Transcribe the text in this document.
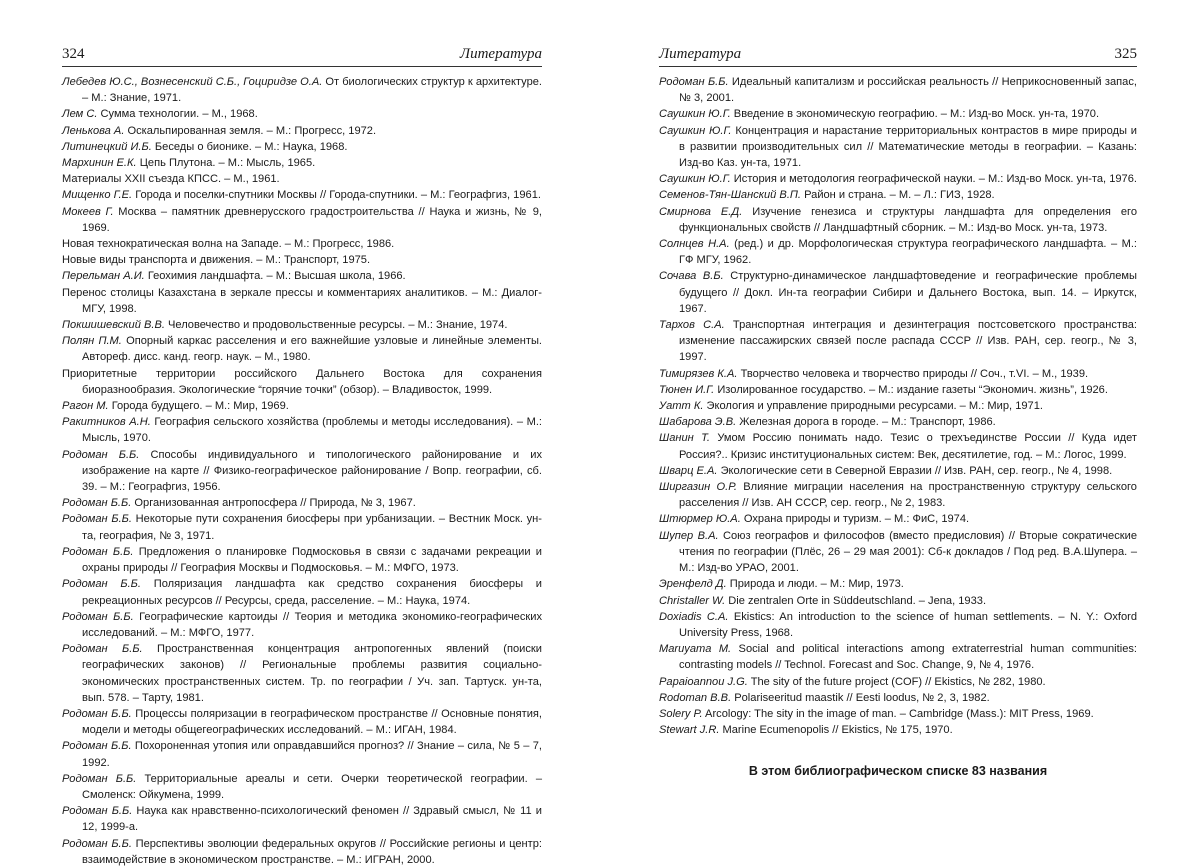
324	Литература

Лебедев Ю.С., Вознесенский С.Б., Гоциридзе О.А. От биологических структур к архитектуре. – М.: Знание, 1971.

Лем С. Сумма технологии. – М., 1968.

Ленькова А. Оскальпированная земля. – М.: Прогресс, 1972.

Литинецкий И.Б. Беседы о бионике. – М.: Наука, 1968.

Мархинин Е.К. Цепь Плутона. – М.: Мысль, 1965.

Материалы XXII съезда КПСС. – М., 1961.

Мищенко Г.Е. Города и поселки-спутники Москвы // Города-спутники. – М.: Географгиз, 1961.

Мокеев Г. Москва – памятник древнерусского градостроительства // Наука и жизнь, № 9, 1969.

Новая технократическая волна на Западе. – М.: Прогресс, 1986.

Новые виды транспорта и движения. – М.: Транспорт, 1975.

Перельман А.И. Геохимия ландшафта. – М.: Высшая школа, 1966.

Перенос столицы Казахстана в зеркале прессы и комментариях аналитиков. – М.: Диалог-МГУ, 1998.

Покшишевский В.В. Человечество и продовольственные ресурсы. – М.: Знание, 1974.

Полян П.М. Опорный каркас расселения и его важнейшие узловые и линейные элементы. Автореф. дисс. канд. геогр. наук. – М., 1980.

Приоритетные территории российского Дальнего Востока для сохранения биоразнообразия. Экологические “горячие точки” (обзор). – Владивосток, 1999.

Рагон М. Города будущего. – М.: Мир, 1969.

Ракитников А.Н. География сельского хозяйства (проблемы и методы исследования). – М.: Мысль, 1970.

Родоман Б.Б. Способы индивидуального и типологического районирование и их изображение на карте // Физико-географическое районирование / Вопр. географии, сб. 39. – М.: Географгиз, 1956.

Родоман Б.Б. Организованная антропосфера // Природа, № 3, 1967.

Родоман Б.Б. Некоторые пути сохранения биосферы при урбанизации. – Вестник Моск. ун-та, география, № 3, 1971.

Родоман Б.Б. Предложения о планировке Подмосковья в связи с задачами рекреации и охраны природы // География Москвы и Подмосковья. – М.: МФГО, 1973.

Родоман Б.Б. Поляризация ландшафта как средство сохранения биосферы и рекреационных ресурсов // Ресурсы, среда, расселение. – М.: Наука, 1974.

Родоман Б.Б. Географические картоиды // Теория и методика экономико-географических исследований. – М.: МФГО, 1977.

Родоман Б.Б. Пространственная концентрация антропогенных явлений (поиски географических законов) // Региональные проблемы развития социально-экономических пространственных систем. Тр. по географии / Уч. зап. Тартуск. ун-та, вып. 578. – Тарту, 1981.

Родоман Б.Б. Процессы поляризации в географическом пространстве // Основные понятия, модели и методы общегеографических исследований. – М.: ИГАН, 1984.

Родоман Б.Б. Похороненная утопия или оправдавшийся прогноз? // Знание – сила, № 5 – 7, 1992.

Родоман Б.Б. Территориальные ареалы и сети. Очерки теоретической географии. – Смоленск: Ойкумена, 1999.

Родоман Б.Б. Наука как нравственно-психологический феномен // Здравый смысл, № 11 и 12, 1999-а.

Родоман Б.Б. Перспективы эволюции федеральных округов // Российские регионы и центр: взаимодействие в экономическом пространстве. – М.: ИГРАН, 2000.

Литература	325

Родоман Б.Б. Идеальный капитализм и российская реальность // Неприкосновенный запас, № 3, 2001.

Саушкин Ю.Г. Введение в экономическую географию. – М.: Изд-во Моск. ун-та, 1970.

Саушкин Ю.Г. Концентрация и нарастание территориальных контрастов в мире природы и в развитии производительных сил // Математические методы в географии. – Казань: Изд-во Каз. ун-та, 1971.

Саушкин Ю.Г. История и методология географической науки. – М.: Изд-во Моск. ун-та, 1976.

Семенов-Тян-Шанский В.П. Район и страна. – М. – Л.: ГИЗ, 1928.

Смирнова Е.Д. Изучение генезиса и структуры ландшафта для определения его функциональных свойств // Ландшафтный сборник. – М.: Изд-во Моск. ун-та, 1973.

Солнцев Н.А. (ред.) и др. Морфологическая структура географического ландшафта. – М.: ГФ МГУ, 1962.

Сочава В.Б. Структурно-динамическое ландшафтоведение и географические проблемы будущего // Докл. Ин-та географии Сибири и Дальнего Востока, вып. 14. – Иркутск, 1967.

Тархов С.А. Транспортная интеграция и дезинтеграция постсоветского пространства: изменение пассажирских связей после распада СССР // Изв. РАН, сер. геогр., № 3, 1997.

Тимирязев К.А. Творчество человека и творчество природы // Соч., т.VI. – М., 1939.

Тюнен И.Г. Изолированное государство. – М.: издание газеты “Экономич. жизнь”, 1926.

Уатт К. Экология и управление природными ресурсами. – М.: Мир, 1971.

Шабарова Э.В. Железная дорога в городе. – М.: Транспорт, 1986.

Шанин Т. Умом Россию понимать надо. Тезис о трехъединстве России // Куда идет Россия?.. Кризис институциональных систем: Век, десятилетие, год. – М.: Логос, 1999.

Шварц Е.А. Экологические сети в Северной Евразии // Изв. РАН, сер. геогр., № 4, 1998.

Ширгазин О.Р. Влияние миграции населения на пространственную структуру сельского расселения // Изв. АН СССР, сер. геогр., № 2, 1983.

Штюрмер Ю.А. Охрана природы и туризм. – М.: ФиС, 1974.

Шупер В.А. Союз географов и философов (вместо предисловия) // Вторые сократические чтения по географии (Плёс, 26 – 29 мая 2001): Сб-к докладов / Под ред. В.А.Шупера. – М.: Изд-во УРАО, 2001.

Эренфелд Д. Природа и люди. – М.: Мир, 1973.

Christaller W. Die zentralen Orte in Süddeutschland. – Jena, 1933.

Doxiadis C.A. Ekistics: An introduction to the science of human settlements. – N. Y.: Oxford University Press, 1968.

Maruyama M. Social and political interactions among extraterrestrial human communities: contrasting models // Technol. Forecast and Soc. Change, 9, № 4, 1976.

Papaioannou J.G. The sity of the future project (COF) // Ekistics, № 282, 1980.

Rodoman B.B. Polariseeritud maastik // Eesti loodus, № 2, 3, 1982.

Solery P. Arcology: The sity in the image of man. – Cambridge (Mass.): MIT Press, 1969.

Stewart J.R. Marine Ecumenopolis // Ekistics, № 175, 1970.

В этом библиографическом списке 83 названия
